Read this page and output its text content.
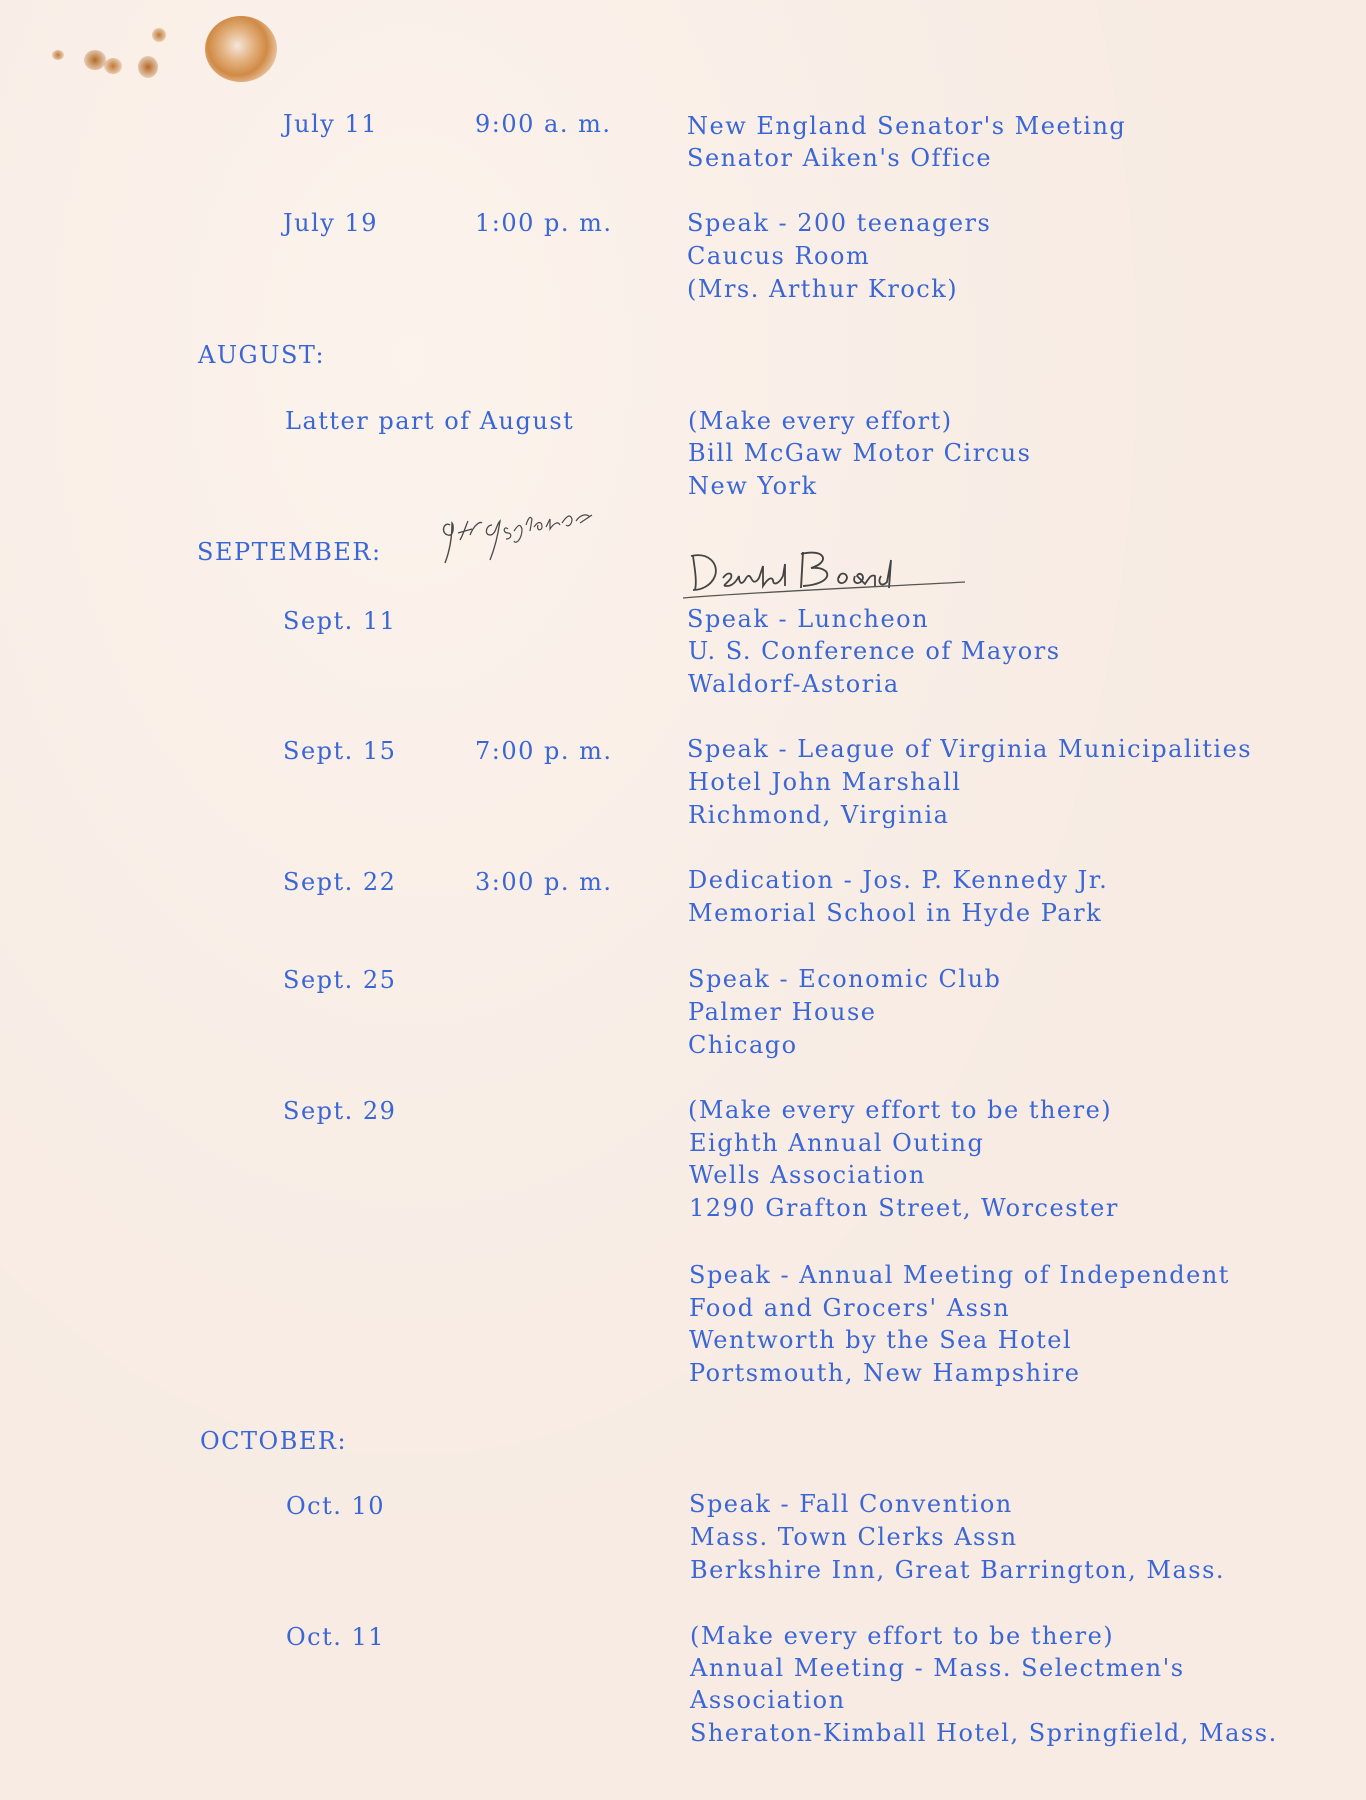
July 11	9:00 a. m.	New England Senator's Meeting
Senator Aiken's Office
July 19	1:00 p. m.	Speak - 200 teenagers
Caucus Room
(Mrs. Arthur Krock)
AUGUST:
Latter part of August	(Make every effort)
Bill McGaw Motor Circus
New York
SEPTEMBER:
Sept. 11	Speak - Luncheon
U. S. Conference of Mayors
Waldorf-Astoria
Sept. 15	7:00 p. m.	Speak - League of Virginia Municipalities
Hotel John Marshall
Richmond, Virginia
Sept. 22	3:00 p. m.	Dedication - Jos. P. Kennedy Jr.
Memorial School in Hyde Park
Sept. 25	Speak - Economic Club
Palmer House
Chicago
Sept. 29	(Make every effort to be there)
Eighth Annual Outing
Wells Association
1290 Grafton Street, Worcester
Speak - Annual Meeting of Independent
Food and Grocers' Assn
Wentworth by the Sea Hotel
Portsmouth, New Hampshire
OCTOBER:
Oct. 10	Speak - Fall Convention
Mass. Town Clerks Assn
Berkshire Inn, Great Barrington, Mass.
Oct. 11	(Make every effort to be there)
Annual Meeting - Mass. Selectmen's
Association
Sheraton-Kimball Hotel, Springfield, Mass.
